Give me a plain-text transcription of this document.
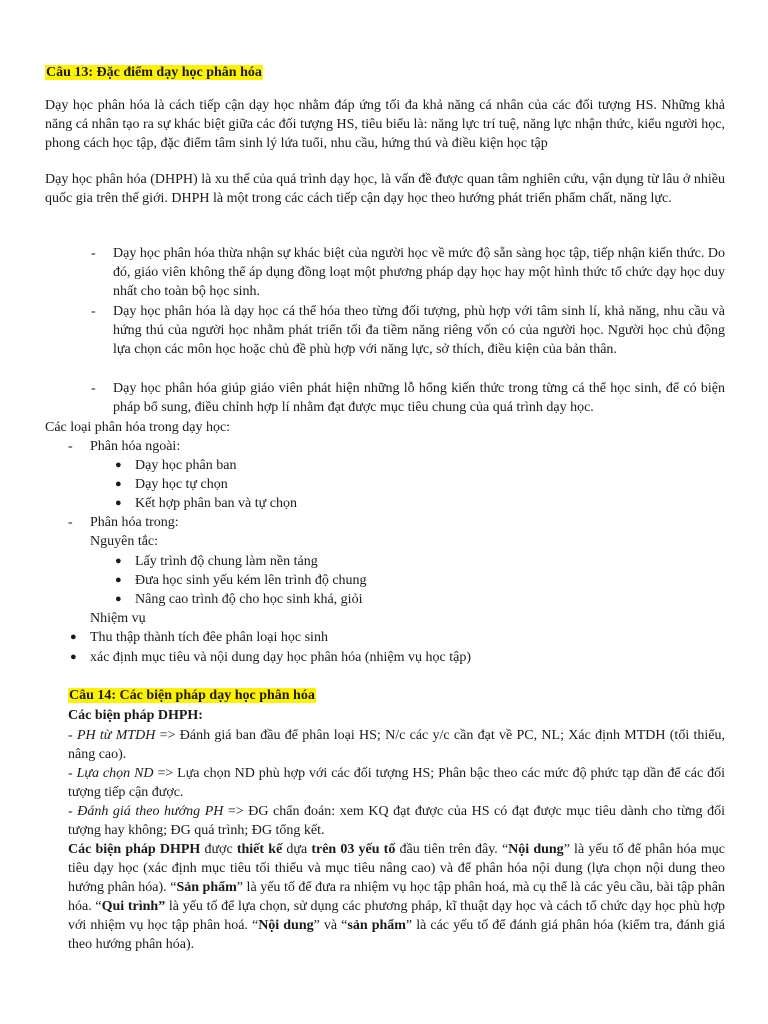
Câu 13: Đặc điểm dạy học phân hóa
Dạy học phân hóa là cách tiếp cận dạy học nhằm đáp ứng tối đa khả năng cá nhân của các đối tượng HS. Những khả năng cá nhân tạo ra sự khác biệt giữa các đối tượng HS, tiêu biểu là: năng lực trí tuệ, năng lực nhận thức, kiểu người học, phong cách học tập, đặc điểm tâm sinh lý lứa tuổi, nhu cầu, hứng thú và điều kiện học tập
Dạy học phân hóa (DHPH) là xu thế của quá trình dạy học, là vấn đề được quan tâm nghiên cứu, vận dụng từ lâu ở nhiều quốc gia trên thế giới. DHPH là một trong các cách tiếp cận dạy học theo hướng phát triển phẩm chất, năng lực.
- Dạy học phân hóa thừa nhận sự khác biệt của người học về mức độ sẵn sàng học tập, tiếp nhận kiến thức. Do đó, giáo viên không thể áp dụng đồng loạt một phương pháp dạy học hay một hình thức tổ chức dạy học duy nhất cho toàn bộ học sinh.
- Dạy học phân hóa là dạy học cá thể hóa theo từng đối tượng, phù hợp với tâm sinh lí, khả năng, nhu cầu và hứng thú của người học nhằm phát triển tối đa tiềm năng riêng vốn có của người học. Người học chủ động lựa chọn các môn học hoặc chủ đề phù hợp với năng lực, sở thích, điều kiện của bản thân.
- Dạy học phân hóa giúp giáo viên phát hiện những lỗ hổng kiến thức trong từng cá thể học sinh, để có biện pháp bổ sung, điều chỉnh hợp lí nhằm đạt được mục tiêu chung của quá trình dạy học.
Các loại phân hóa trong dạy học:
- Phân hóa ngoài:
● Dạy học phân ban
● Dạy học tự chọn
● Kết hợp phân ban và tự chọn
- Phân hóa trong:
Nguyên tắc:
● Lấy trình độ chung làm nền tảng
● Đưa học sinh yếu kém lên trình độ chung
● Nâng cao trình độ cho học sinh khá, giỏi
Nhiệm vụ
● Thu thập thành tích đêe phân loại học sinh
● xác định mục tiêu và nội dung dạy học phân hóa (nhiệm vụ học tập)
Câu 14: Các biện pháp dạy học phân hóa
Các biện pháp DHPH:
- PH từ MTDH => Đánh giá ban đầu để phân loại HS; N/c các y/c cần đạt về PC, NL; Xác định MTDH (tối thiểu, nâng cao).
- Lựa chọn ND => Lựa chọn ND phù hợp với các đối tượng HS; Phân bậc theo các mức độ phức tạp dần để các đối tượng tiếp cận được.
- Đánh giá theo hướng PH => ĐG chẩn đoán: xem KQ đạt được của HS có đạt được mục tiêu dành cho từng đối tượng hay không; ĐG quá trình; ĐG tổng kết.
Các biện pháp DHPH được thiết kế dựa trên 03 yếu tố đầu tiên trên đây. “Nội dung” là yếu tố để phân hóa mục tiêu dạy học (xác định mục tiêu tối thiểu và mục tiêu nâng cao) và để phân hóa nội dung (lựa chọn nội dung theo hướng phân hóa). “Sản phẩm” là yếu tố để đưa ra nhiệm vụ học tập phân hoá, mà cụ thể là các yêu cầu, bài tập phân hóa. “Qui trình” là yếu tố để lựa chọn, sử dụng các phương pháp, kĩ thuật dạy học và cách tổ chức dạy học phù hợp với nhiệm vụ học tập phân hoá. “Nội dung” và “sản phẩm” là các yếu tố để đánh giá phân hóa (kiểm tra, đánh giá theo hướng phân hóa).
